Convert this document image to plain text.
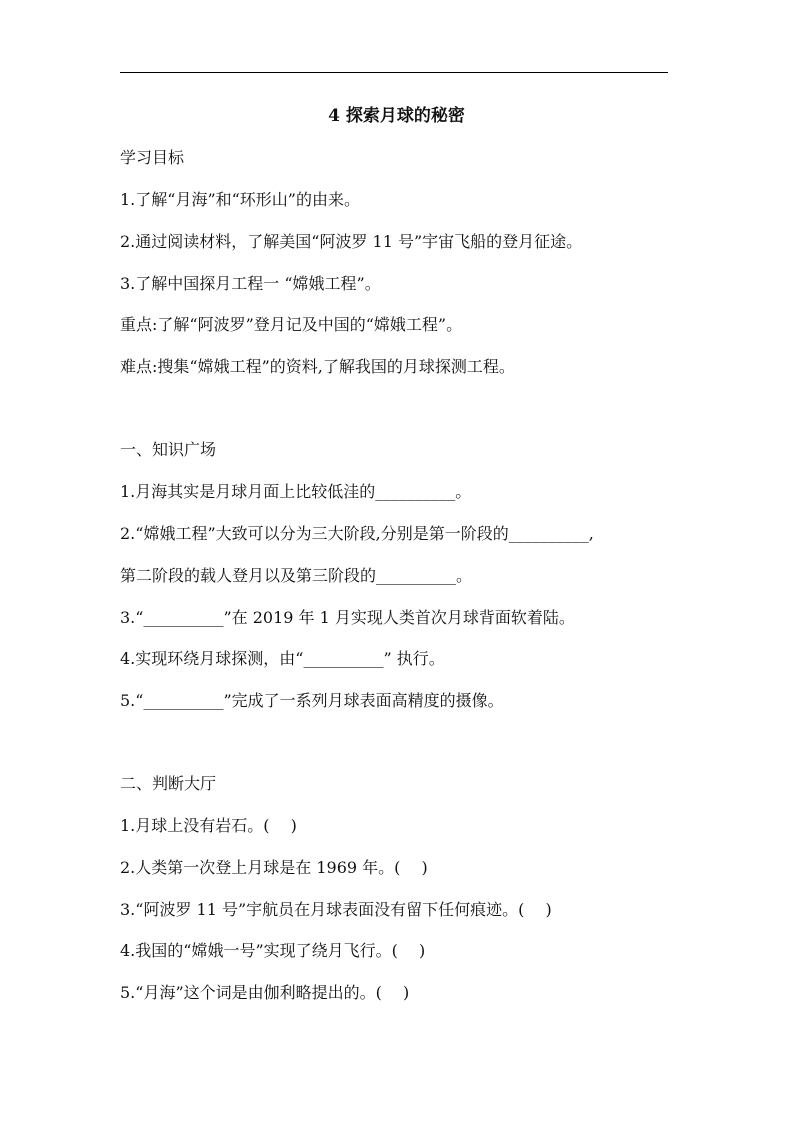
4 探索月球的秘密
学习目标
1.了解“月海”和“环形山”的由来。
2.通过阅读材料，了解美国“阿波罗 11 号”宇宙飞船的登月征途。
3.了解中国探月工程一 “嫦娥工程”。
重点:了解“阿波罗”登月记及中国的“嫦娥工程”。
难点:搜集“嫦娥工程”的资料,了解我国的月球探测工程。
一、知识广场
1.月海其实是月球月面上比较低洼的__________。
2.“嫦娥工程”大致可以分为三大阶段,分别是第一阶段的__________,
第二阶段的载人登月以及第三阶段的__________。
3.“__________”在 2019 年 1 月实现人类首次月球背面软着陆。
4.实现环绕月球探测，由“__________” 执行。
5.“__________”完成了一系列月球表面高精度的摄像。
二、判断大厅
1.月球上没有岩石。(　 )
2.人类第一次登上月球是在 1969 年。(　 )
3.“阿波罗 11 号”宇航员在月球表面没有留下任何痕迹。(　 )
4.我国的“嫦娥一号”实现了绕月飞行。(　 )
5.“月海”这个词是由伽利略提出的。(　 )
